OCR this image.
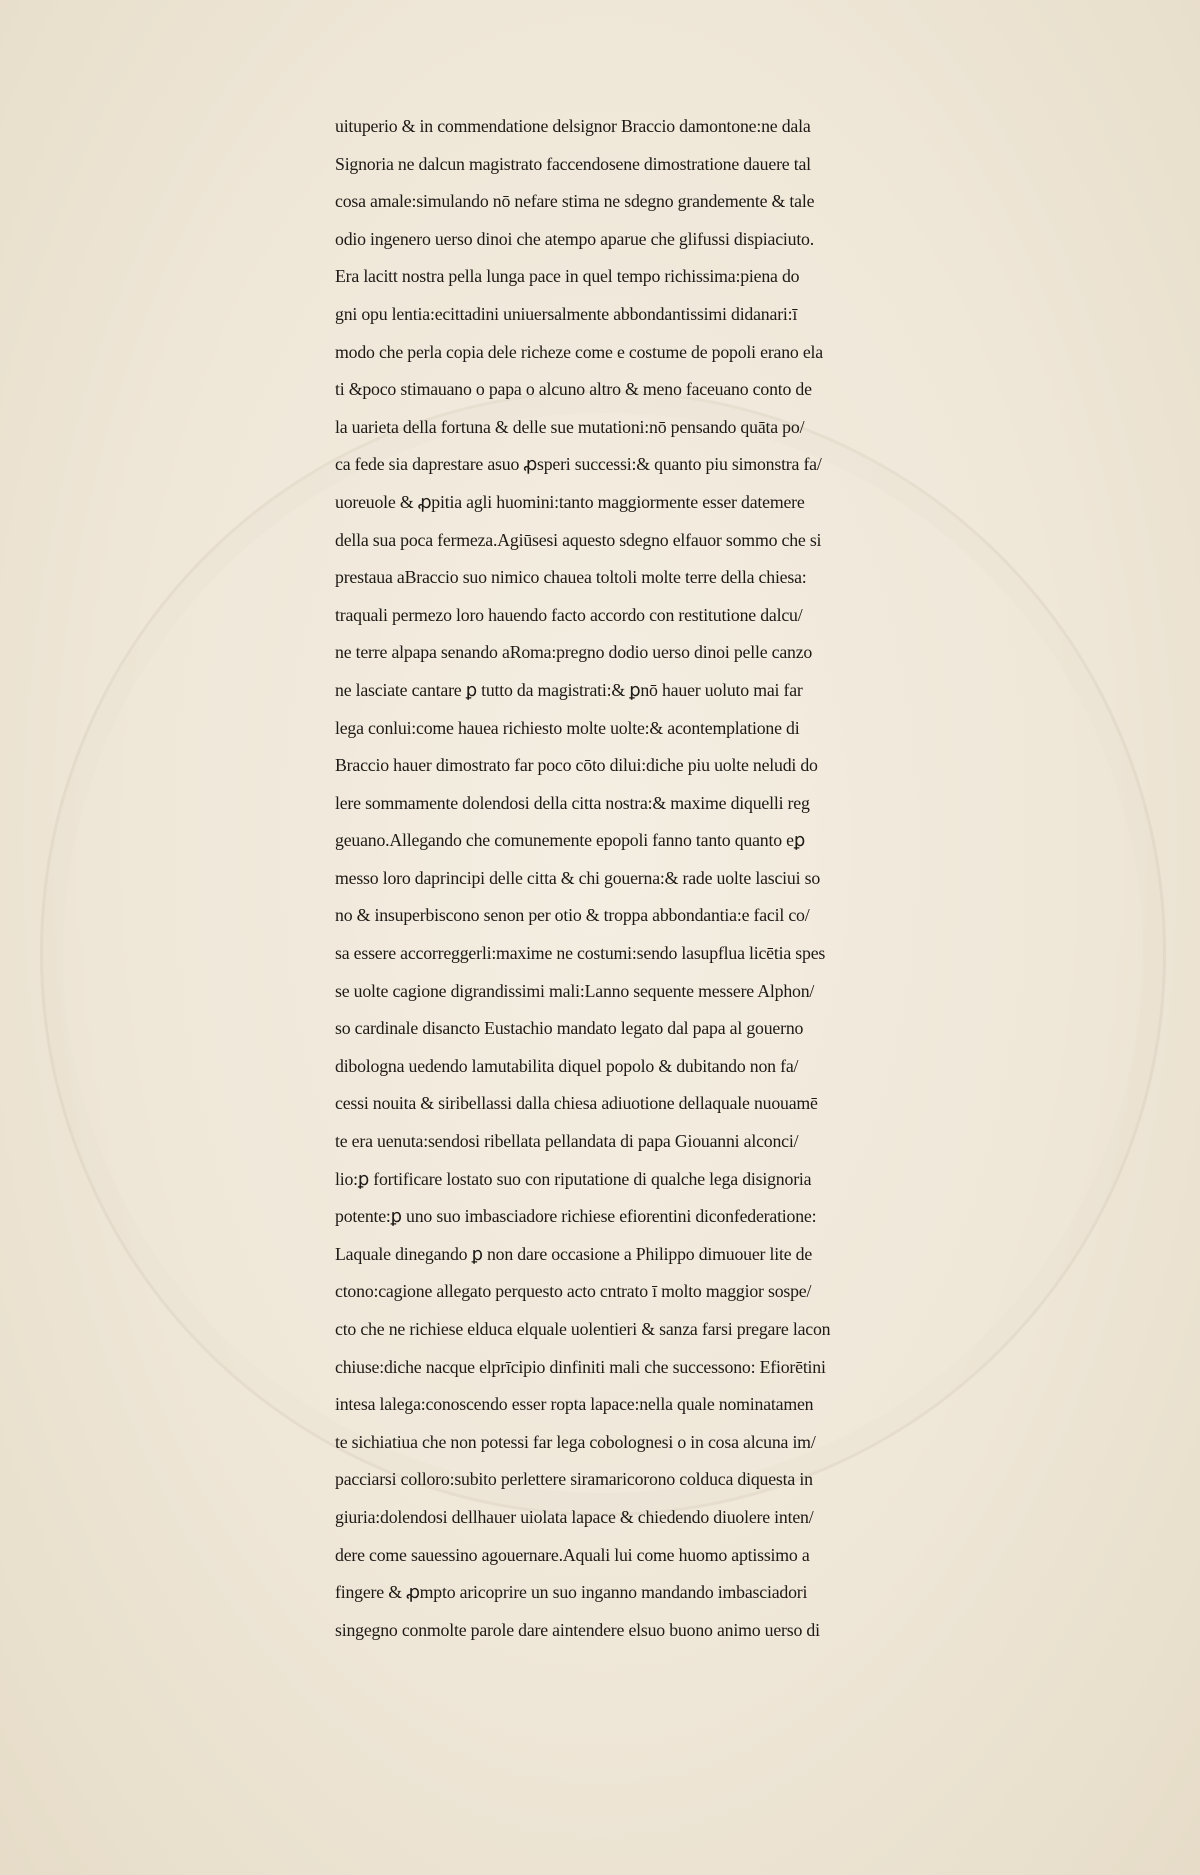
uituperio & in commendatione delsignor Braccio damontone:ne dala
Signoria ne dalcun magistrato faccendosene dimostratione dauere tal
cosa amale:simulando nō nefare stima ne sdegno grandemente & tale
odio ingenero uerso dinoi che atempo aparue che glifussi dispiaciuto.
Era lacitt nostra pella lunga pace in quel tempo richissima:piena do
gni opu lentia:ecittadini uniuersalmente abbondantissimi didanari:ī
modo che perla copia dele richeze come e costume de popoli erano ela
ti &poco stimauano o papa o alcuno altro & meno faceuano conto de
la uarieta della fortuna & delle sue mutationi:nō pensando quāta po/
ca fede sia daprestare asuo ꝓsperi successi:& quanto piu simonstra fa/
uoreuole & ꝓpitia agli huomini:tanto maggiormente esser datemere
della sua poca fermeza.Agiūsesi aquesto sdegno elfauor sommo che si
prestaua aBraccio suo nimico chauea toltoli molte terre della chiesa:
traquali permezo loro hauendo facto accordo con restitutione dalcu/
ne terre alpapa senando aRoma:pregno dodio uerso dinoi pelle canzo
ne lasciate cantare ꝑ tutto da magistrati:& ꝑnō hauer uoluto mai far
lega conlui:come hauea richiesto molte uolte:& acontemplatione di
Braccio hauer dimostrato far poco cōto dilui:diche piu uolte neludi do
lere sommamente dolendosi della citta nostra:& maxime diquelli reg
geuano.Allegando che comunemente epopoli fanno tanto quanto eꝑ
messo loro daprincipi delle citta & chi gouerna:& rade uolte lasciui so
no & insuperbiscono senon per otio & troppa abbondantia:e facil co/
sa essere accorreggerli:maxime ne costumi:sendo lasupflua licētia spes
se uolte cagione digrandissimi mali:Lanno sequente messere Alphon/
so cardinale disancto Eustachio mandato legato dal papa al gouerno
dibologna uedendo lamutabilita diquel popolo & dubitando non fa/
cessi nouita & siribellassi dalla chiesa adiuotione dellaquale nuouamē
te era uenuta:sendosi ribellata pellandata di papa Giouanni alconci/
lio:ꝑ fortificare lostato suo con riputatione di qualche lega disignoria
potente:ꝑ uno suo imbasciadore richiese efiorentini diconfederatione:
Laquale dinegando ꝑ non dare occasione a Philippo dimuouer lite de
ctono:cagione allegato perquesto acto cntrato ī molto maggior sospe/
cto che ne richiese elduca elquale uolentieri & sanza farsi pregare lacon
chiuse:diche nacque elprīcipio dinfiniti mali che successono: Efiorētini
intesa lalega:conoscendo esser ropta lapace:nella quale nominatamen
te sichiatiua che non potessi far lega cobolognesi o in cosa alcuna im/
pacciarsi colloro:subito perlettere siramaricorono colduca diquesta in
giuria:dolendosi dellhauer uiolata lapace & chiedendo diuolere inten/
dere come sauessino agouernare.Aquali lui come huomo aptissimo a
fingere & ꝓmpto aricoprire un suo inganno mandando imbasciadori
singegno conmolte parole dare aintendere elsuo buono animo uerso di
